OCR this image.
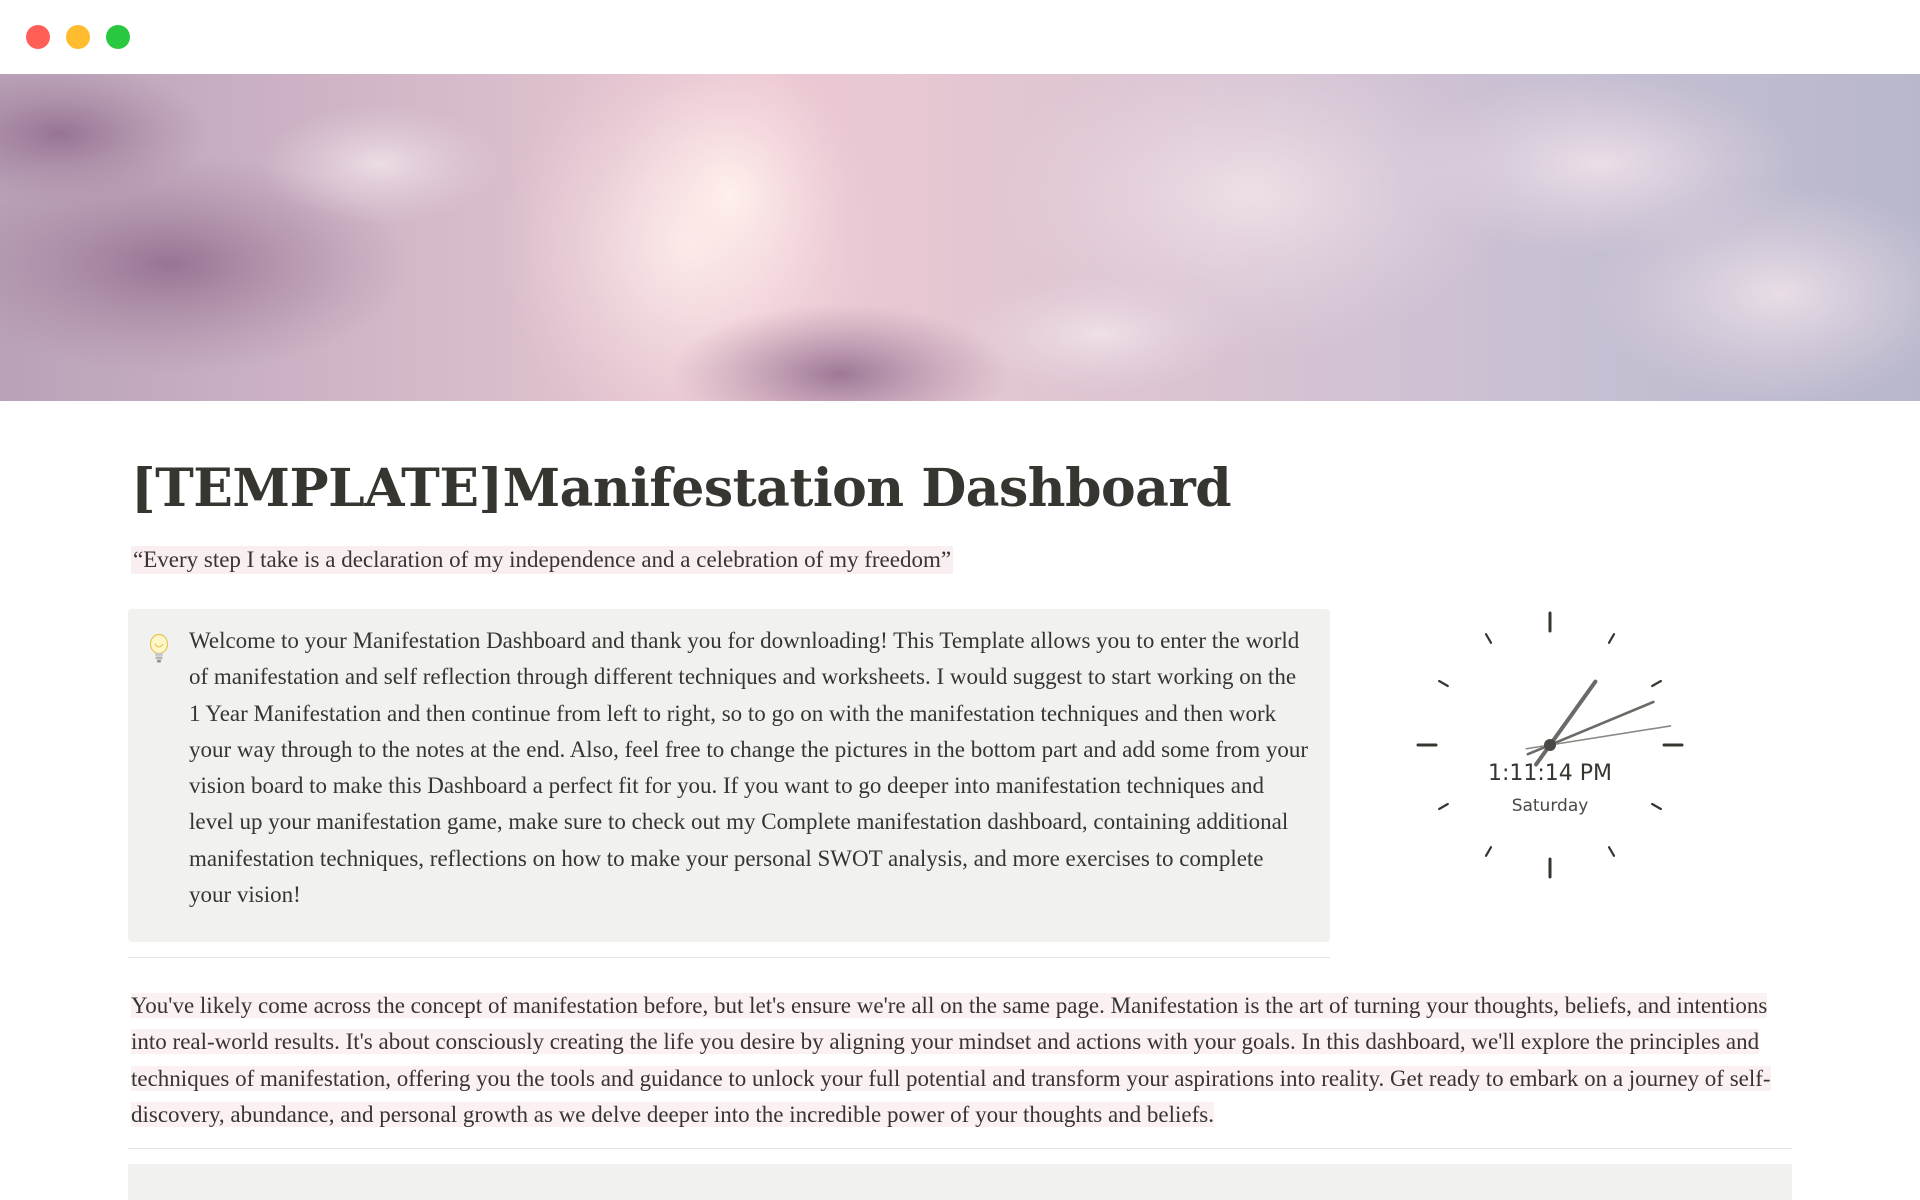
[TEMPLATE]Manifestation Dashboard
“Every step I take is a declaration of my independence and a celebration of my freedom”
Welcome to your Manifestation Dashboard and thank you for downloading! This Template allows you to enter the world of manifestation and self reflection through different techniques and worksheets. I would suggest to start working on the 1 Year Manifestation and then continue from left to right, so to go on with the manifestation techniques and then work your way through to the notes at the end. Also, feel free to change the pictures in the bottom part and add some from your vision board to make this Dashboard a perfect fit for you. If you want to go deeper into manifestation techniques and level up your manifestation game, make sure to check out my Complete manifestation dashboard, containing additional manifestation techniques, reflections on how to make your personal SWOT analysis, and more exercises to complete your vision!
1:11:14 PM
Saturday
You've likely come across the concept of manifestation before, but let's ensure we're all on the same page. Manifestation is the art of turning your thoughts, beliefs, and intentions into real-world results. It's about consciously creating the life you desire by aligning your mindset and actions with your goals. In this dashboard, we'll explore the principles and techniques of manifestation, offering you the tools and guidance to unlock your full potential and transform your aspirations into reality. Get ready to embark on a journey of self-discovery, abundance, and personal growth as we delve deeper into the incredible power of your thoughts and beliefs.
